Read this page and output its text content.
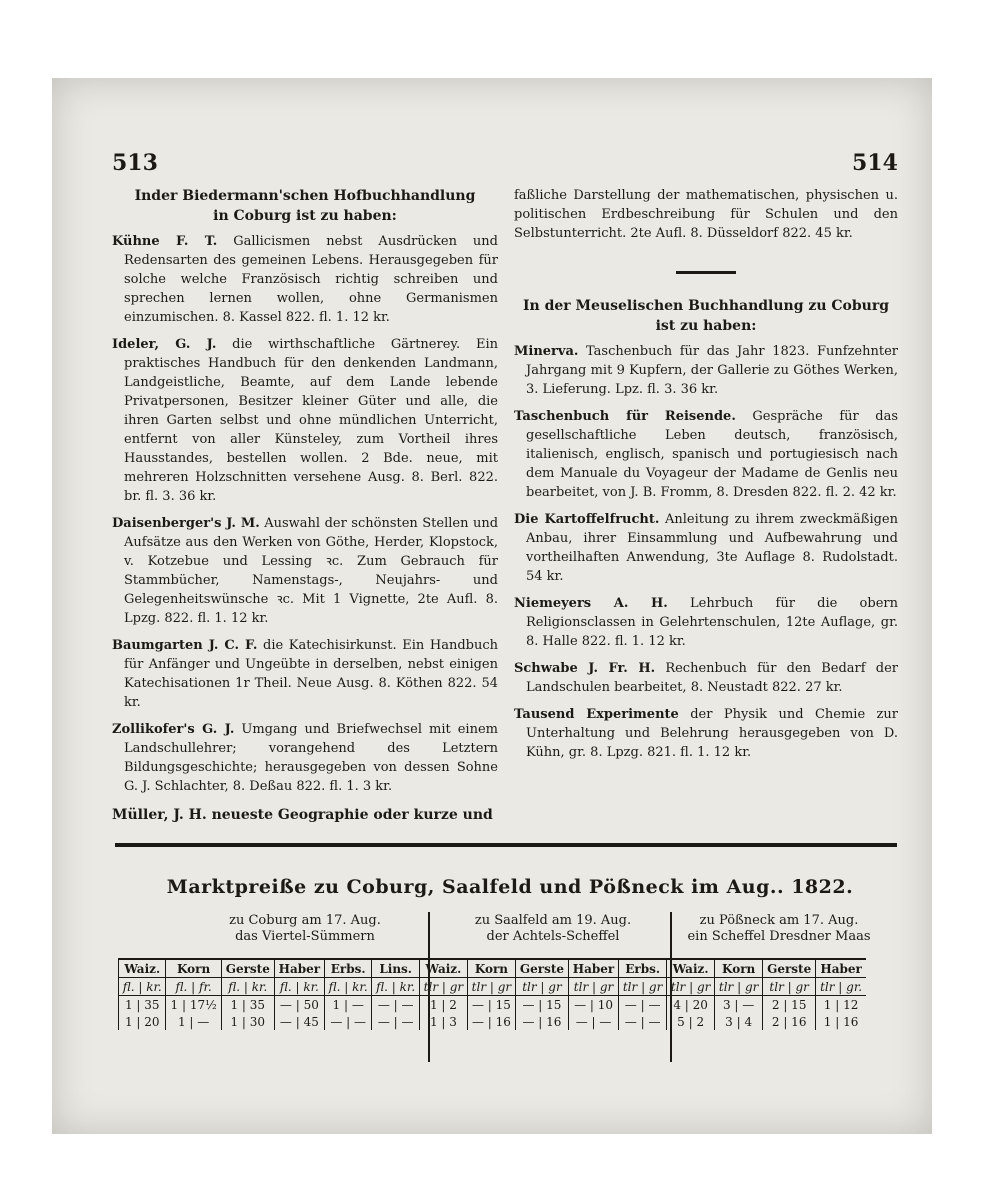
513	514
Inder Biedermann'schen Hofbuchhandlung
in Coburg ist zu haben:
Kühne F. T. Gallicismen nebst Ausdrücken und Redensarten des gemeinen Lebens. Herausgegeben für solche welche Französisch richtig schreiben und sprechen lernen wollen, ohne Germanismen einzumischen. 8. Kassel 822. fl. 1. 12 kr.
Ideler, G. J. die wirthschaftliche Gärtnerey. Ein praktisches Handbuch für den denkenden Landmann, Landgeistliche, Beamte, auf dem Lande lebende Privatpersonen, Besitzer kleiner Güter und alle, die ihren Garten selbst und ohne mündlichen Unterricht, entfernt von aller Künsteley, zum Vortheil ihres Hausstandes, bestellen wollen. 2 Bde. neue, mit mehreren Holzschnitten versehene Ausg. 8. Berl. 822. br. fl. 3. 36 kr.
Daisenberger's J. M. Auswahl der schönsten Stellen und Aufsätze aus den Werken von Göthe, Herder, Klopstock, v. Kotzebue und Lessing ꝛc. Zum Gebrauch für Stammbücher, Namenstags-, Neujahrs- und Gelegenheitswünsche ꝛc. Mit 1 Vignette, 2te Aufl. 8. Lpzg. 822. fl. 1. 12 kr.
Baumgarten J. C. F. die Katechisirkunst. Ein Handbuch für Anfänger und Ungeübte in derselben, nebst einigen Katechisationen 1r Theil. Neue Ausg. 8. Köthen 822. 54 kr.
Zollikofer's G. J. Umgang und Briefwechsel mit einem Landschullehrer; vorangehend des Letztern Bildungsgeschichte; herausgegeben von dessen Sohne G. J. Schlachter, 8. Deßau 822. fl. 1. 3 kr.
Müller, J. H. neueste Geographie oder kurze und
faßliche Darstellung der mathematischen, physischen u. politischen Erdbeschreibung für Schulen und den Selbstunterricht. 2te Aufl. 8. Düsseldorf 822. 45 kr.
In der Meuselischen Buchhandlung zu Coburg
ist zu haben:
Minerva. Taschenbuch für das Jahr 1823. Funfzehnter Jahrgang mit 9 Kupfern, der Gallerie zu Göthes Werken, 3. Lieferung. Lpz. fl. 3. 36 kr.
Taschenbuch für Reisende. Gespräche für das gesellschaftliche Leben deutsch, französisch, italienisch, englisch, spanisch und portugiesisch nach dem Manuale du Voyageur der Madame de Genlis neu bearbeitet, von J. B. Fromm, 8. Dresden 822. fl. 2. 42 kr.
Die Kartoffelfrucht. Anleitung zu ihrem zweckmäßigen Anbau, ihrer Einsammlung und Aufbewahrung und vortheilhaften Anwendung, 3te Auflage 8. Rudolstadt. 54 kr.
Niemeyers A. H. Lehrbuch für die obern Religionsclassen in Gelehrtenschulen, 12te Auflage, gr. 8. Halle 822. fl. 1. 12 kr.
Schwabe J. Fr. H. Rechenbuch für den Bedarf der Landschulen bearbeitet, 8. Neustadt 822. 27 kr.
Tausend Experimente der Physik und Chemie zur Unterhaltung und Belehrung herausgegeben von D. Kühn, gr. 8. Lpzg. 821. fl. 1. 12 kr.
Marktpreiße zu Coburg, Saalfeld und Pößneck im Aug.. 1822.
zu Coburg am 17. Aug.
das Viertel-Sümmern
zu Saalfeld am 19. Aug.
der Achtels-Scheffel
zu Pößneck am 17. Aug.
ein Scheffel Dresdner Maas
Waiz.	Korn	Gerste	Haber	Erbs.	Lins.	Waiz.	Korn	Gerste	Haber	Erbs.	Waiz.	Korn	Gerste	Haber
fl. | kr.	fl. | fr.	fl. | kr.	fl. | kr.	fl. | kr.	fl. | kr.	tlr | gr	tlr | gr	tlr | gr	tlr | gr	tlr | gr	tlr | gr	tlr | gr	tlr | gr	tlr | gr.
1 | 35	1 | 17½	1 | 35	— | 50	1 | —	— | —	1 | 2	— | 15	— | 15	— | 10	— | —	4 | 20	3 | —	2 | 15	1 | 12
1 | 20	1 | —	1 | 30	— | 45	— | —	— | —	1 | 3	— | 16	— | 16	— | —	— | —	5 | 2	3 | 4	2 | 16	1 | 16
